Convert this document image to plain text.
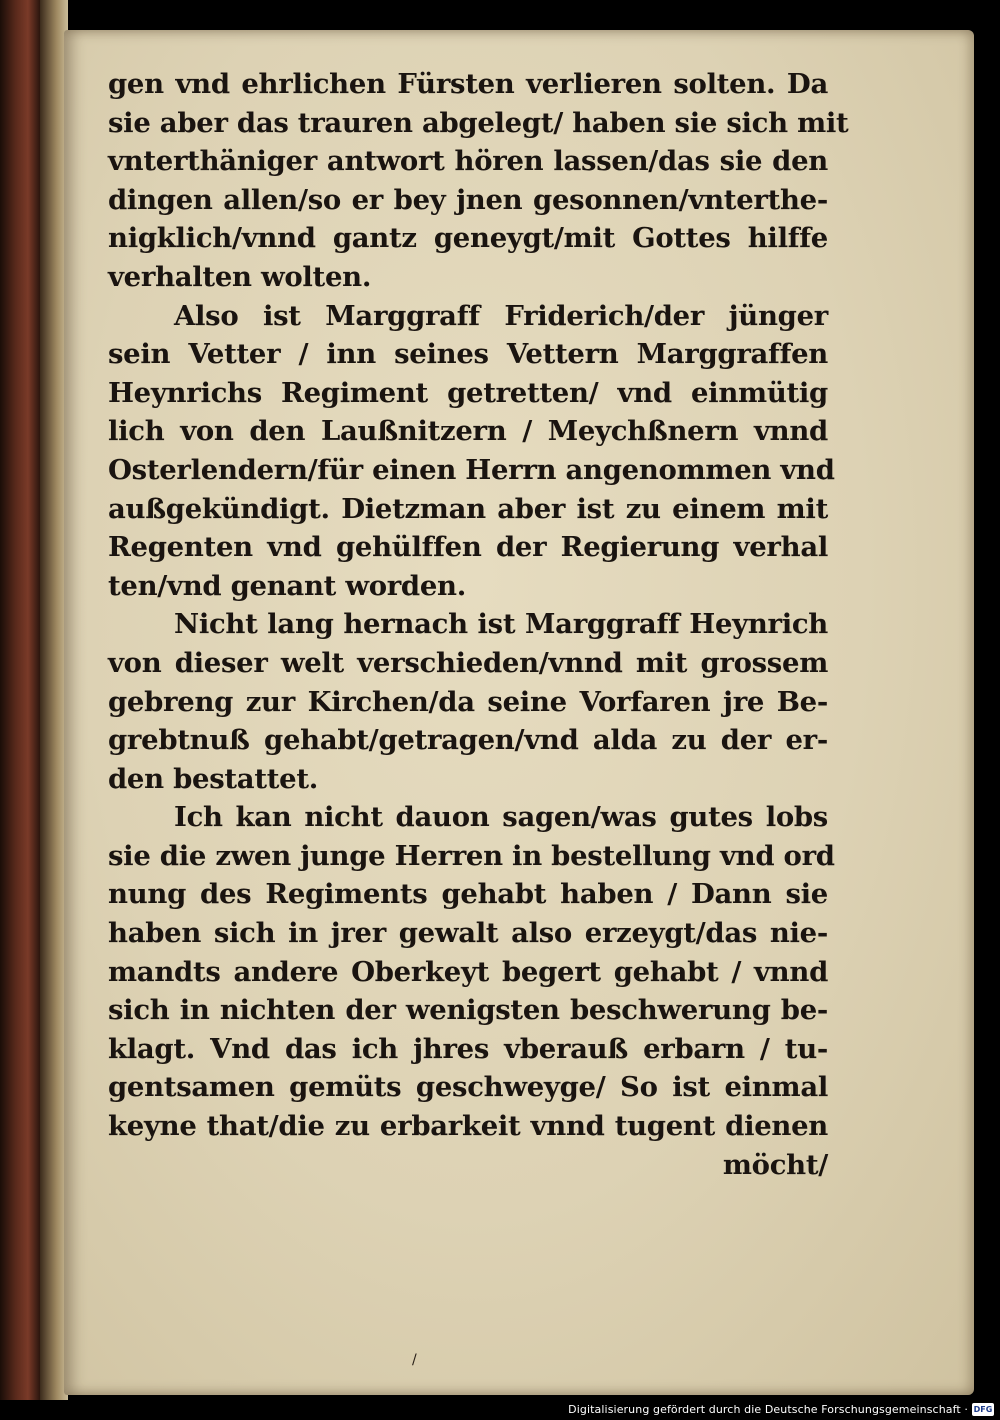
gen vnd ehrlichen Fürsten verlieren solten. Da
sie aber das trauren abgelegt/ haben sie sich mit
vnterthäniger antwort hören lassen/das sie den
dingen allen/so er bey jnen gesonnen/vnterthe-
nigklich/vnnd gantz geneygt/mit Gottes hilffe
verhalten wolten.
Also ist Marggraff Friderich/der jünger
sein Vetter / inn seines Vettern Marggraffen
Heynrichs Regiment getretten/ vnd einmütig
lich von den Laußnitzern / Meychßnern vnnd
Osterlendern/für einen Herrn angenommen vnd
außgekündigt. Dietzman aber ist zu einem mit
Regenten vnd gehülffen der Regierung verhal
ten/vnd genant worden.
Nicht lang hernach ist Marggraff Heynrich
von dieser welt verschieden/vnnd mit grossem
gebreng zur Kirchen/da seine Vorfaren jre Be-
grebtnuß gehabt/getragen/vnd alda zu der er-
den bestattet.
Ich kan nicht dauon sagen/was gutes lobs
sie die zwen junge Herren in bestellung vnd ord
nung des Regiments gehabt haben / Dann sie
haben sich in jrer gewalt also erzeygt/das nie-
mandts andere Oberkeyt begert gehabt / vnnd
sich in nichten der wenigsten beschwerung be-
klagt. Vnd das ich jhres vberauß erbarn / tu-
gentsamen gemüts geschweyge/ So ist einmal
keyne that/die zu erbarkeit vnnd tugent dienen
möcht/
/
Digitalisierung gefördert durch die Deutsche Forschungsgemeinschaft · DFG
